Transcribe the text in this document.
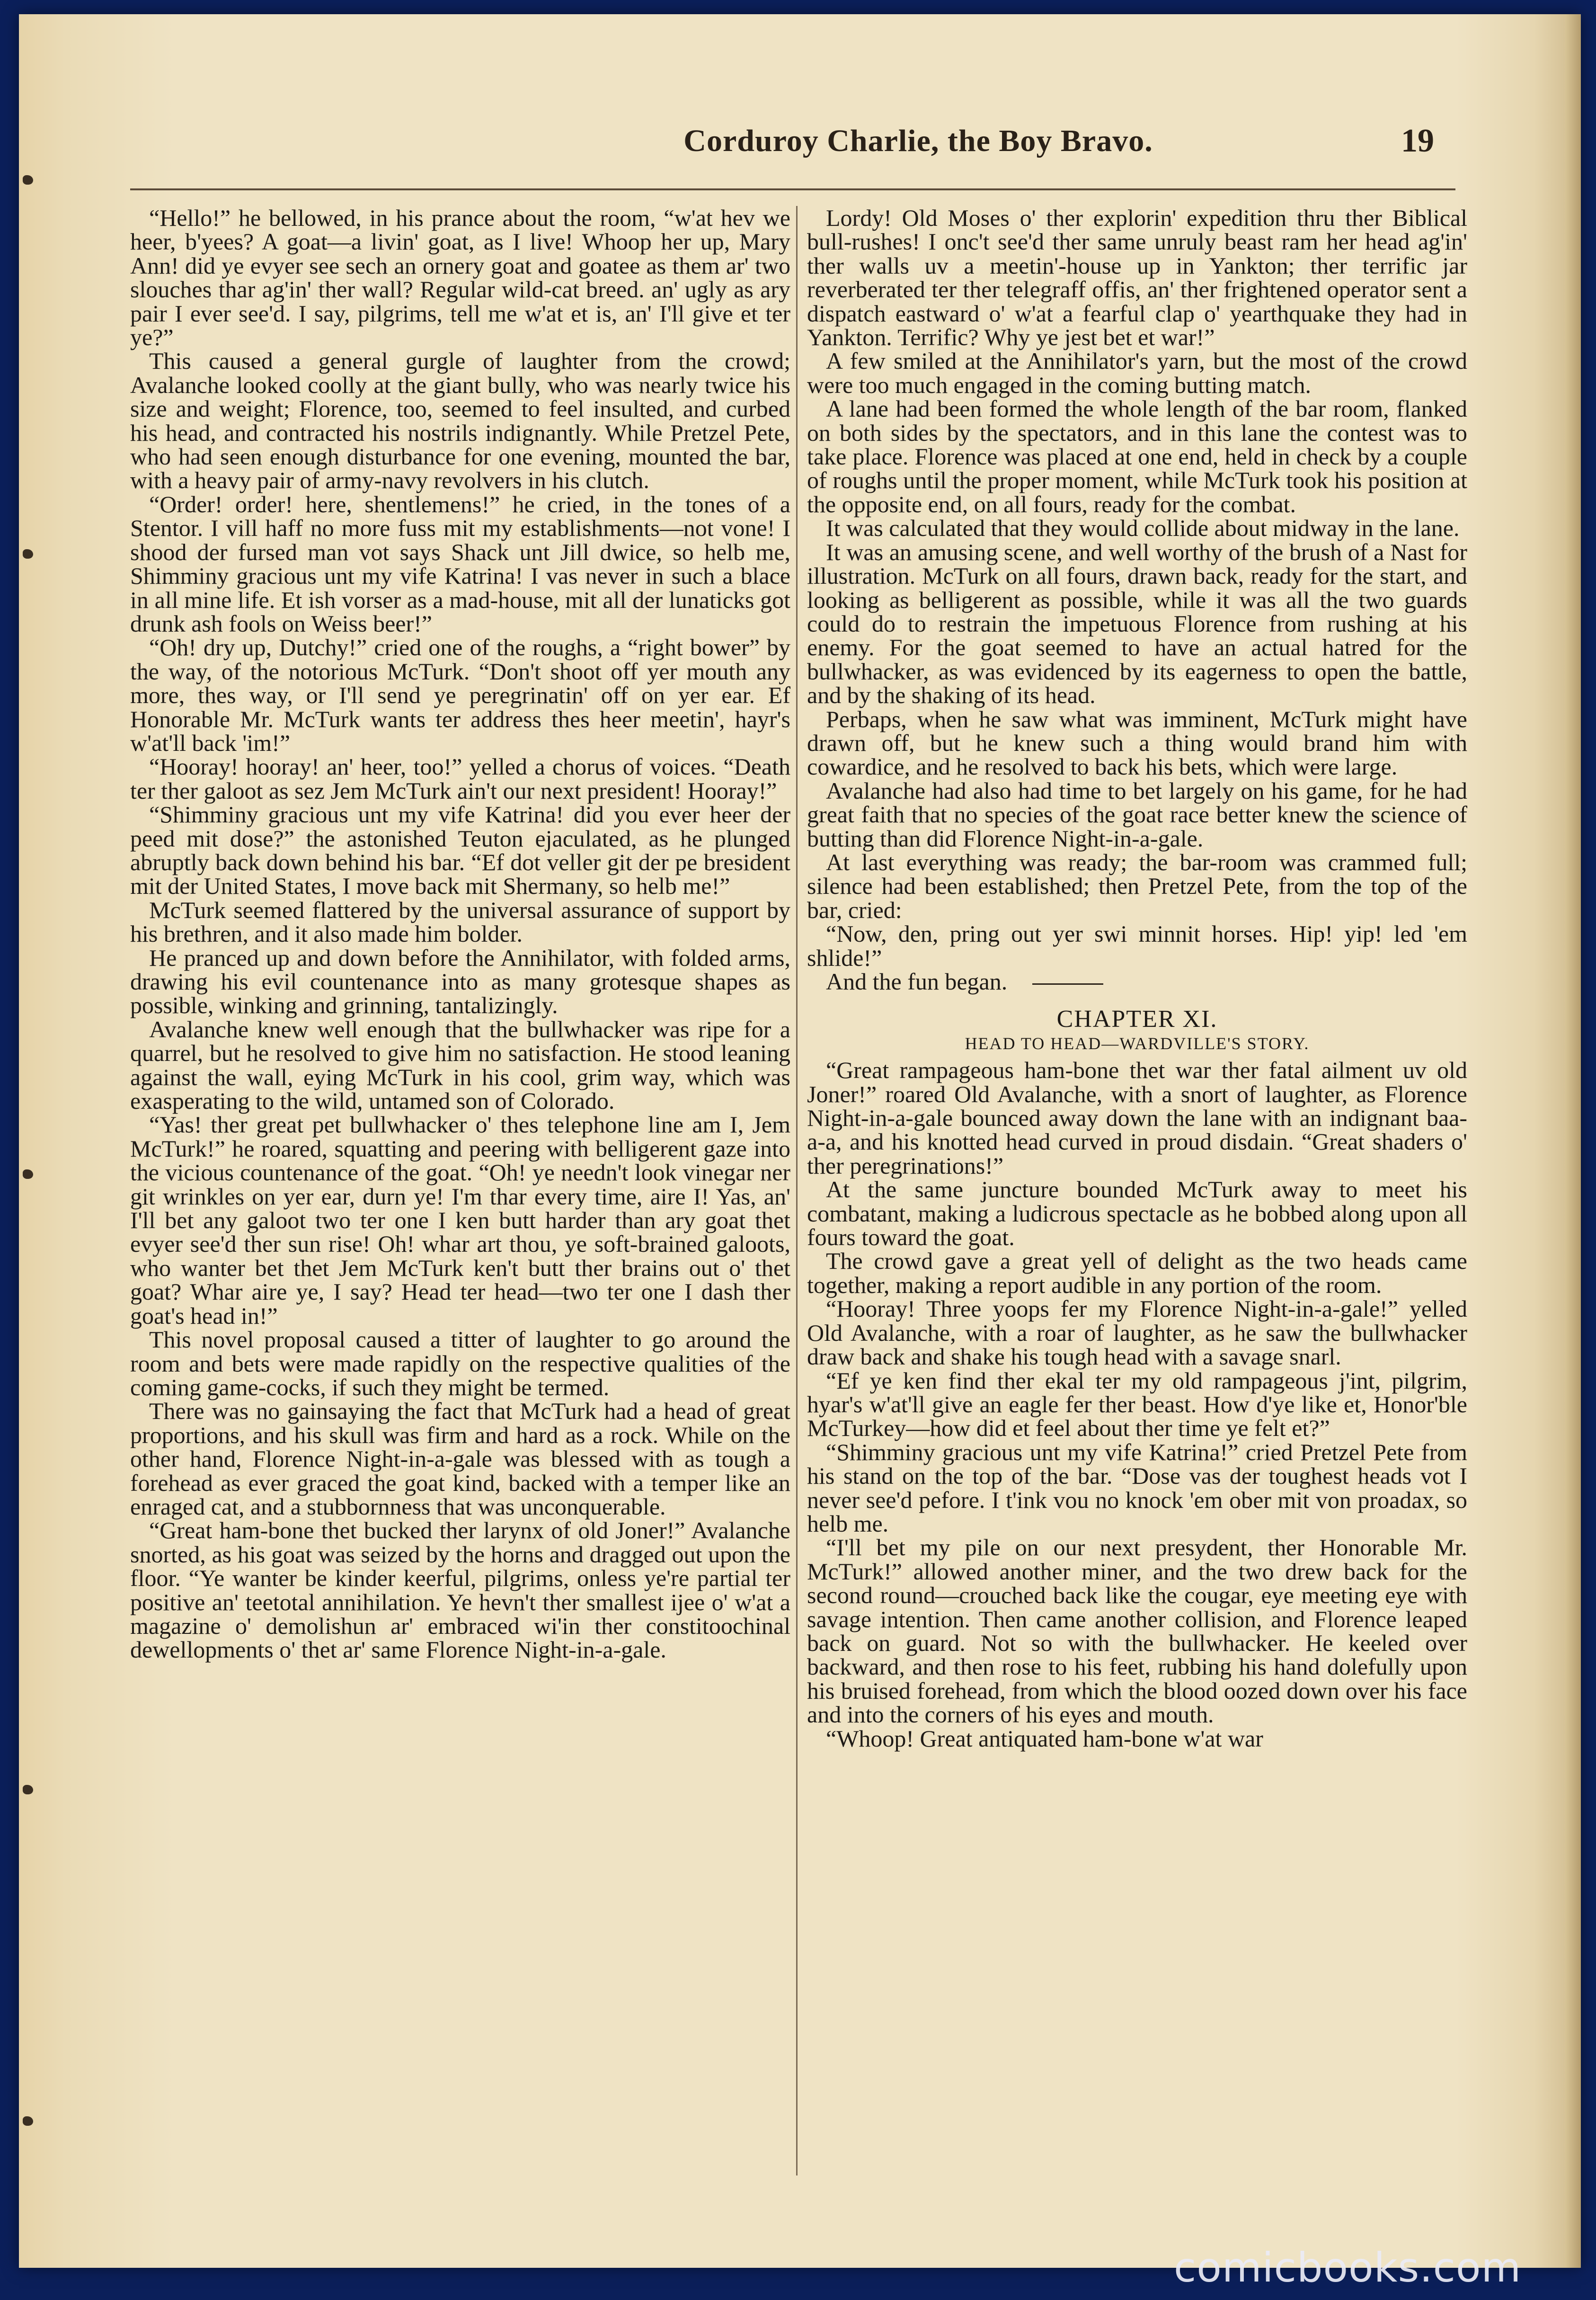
Corduroy Charlie, the Boy Bravo.	19

“Hello!” he bellowed, in his prance about the room, “w'at hev we heer, b'yees? A goat—a livin' goat, as I live! Whoop her up, Mary Ann! did ye evyer see sech an ornery goat and goatee as them ar' two slouches thar ag'in' ther wall? Regular wild-cat breed. an' ugly as ary pair I ever see'd. I say, pilgrims, tell me w'at et is, an' I'll give et ter ye?”

This caused a general gurgle of laughter from the crowd; Avalanche looked coolly at the giant bully, who was nearly twice his size and weight; Florence, too, seemed to feel insulted, and curbed his head, and contracted his nostrils indignantly. While Pretzel Pete, who had seen enough disturbance for one evening, mounted the bar, with a heavy pair of army-navy revolvers in his clutch.

“Order! order! here, shentlemens!” he cried, in the tones of a Stentor. I vill haff no more fuss mit my establishments—not vone! I shood der fursed man vot says Shack unt Jill dwice, so helb me, Shimminy gracious unt my vife Katrina! I vas never in such a blace in all mine life. Et ish vorser as a mad-house, mit all der lunaticks got drunk ash fools on Weiss beer!”

“Oh! dry up, Dutchy!” cried one of the roughs, a “right bower” by the way, of the notorious McTurk. “Don't shoot off yer mouth any more, thes way, or I'll send ye peregrinatin' off on yer ear. Ef Honorable Mr. McTurk wants ter address thes heer meetin', hayr's w'at'll back 'im!”

“Hooray! hooray! an' heer, too!” yelled a chorus of voices. “Death ter ther galoot as sez Jem McTurk ain't our next president! Hooray!”

“Shimminy gracious unt my vife Katrina! did you ever heer der peed mit dose?” the astonished Teuton ejaculated, as he plunged abruptly back down behind his bar. “Ef dot veller git der pe bresident mit der United States, I move back mit Shermany, so helb me!”

McTurk seemed flattered by the universal assurance of support by his brethren, and it also made him bolder.

He pranced up and down before the Annihilator, with folded arms, drawing his evil countenance into as many grotesque shapes as possible, winking and grinning, tantalizingly.

Avalanche knew well enough that the bullwhacker was ripe for a quarrel, but he resolved to give him no satisfaction. He stood leaning against the wall, eying McTurk in his cool, grim way, which was exasperating to the wild, untamed son of Colorado.

“Yas! ther great pet bullwhacker o' thes telephone line am I, Jem McTurk!” he roared, squatting and peering with belligerent gaze into the vicious countenance of the goat. “Oh! ye needn't look vinegar ner git wrinkles on yer ear, durn ye! I'm thar every time, aire I! Yas, an' I'll bet any galoot two ter one I ken butt harder than ary goat thet evyer see'd ther sun rise! Oh! whar art thou, ye soft-brained galoots, who wanter bet thet Jem McTurk ken't butt ther brains out o' thet goat? Whar aire ye, I say? Head ter head—two ter one I dash ther goat's head in!”

This novel proposal caused a titter of laughter to go around the room and bets were made rapidly on the respective qualities of the coming game-cocks, if such they might be termed.

There was no gainsaying the fact that McTurk had a head of great proportions, and his skull was firm and hard as a rock. While on the other hand, Florence Night-in-a-gale was blessed with as tough a forehead as ever graced the goat kind, backed with a temper like an enraged cat, and a stubbornness that was unconquerable.

“Great ham-bone thet bucked ther larynx of old Joner!” Avalanche snorted, as his goat was seized by the horns and dragged out upon the floor. “Ye wanter be kinder keerful, pilgrims, onless ye're partial ter positive an' teetotal annihilation. Ye hevn't ther smallest ijee o' w'at a magazine o' demolishun ar' embraced wi'in ther constitoochinal dewellopments o' thet ar' same Florence Night-in-a-gale.

Lordy! Old Moses o' ther explorin' expedition thru ther Biblical bull-rushes! I onc't see'd ther same unruly beast ram her head ag'in' ther walls uv a meetin'-house up in Yankton; ther terrific jar reverberated ter ther telegraff offis, an' ther frightened operator sent a dispatch eastward o' w'at a fearful clap o' yearthquake they had in Yankton. Terrific? Why ye jest bet et war!”

A few smiled at the Annihilator's yarn, but the most of the crowd were too much engaged in the coming butting match.

A lane had been formed the whole length of the bar room, flanked on both sides by the spectators, and in this lane the contest was to take place. Florence was placed at one end, held in check by a couple of roughs until the proper moment, while McTurk took his position at the opposite end, on all fours, ready for the combat.

It was calculated that they would collide about midway in the lane.

It was an amusing scene, and well worthy of the brush of a Nast for illustration. McTurk on all fours, drawn back, ready for the start, and looking as belligerent as possible, while it was all the two guards could do to restrain the impetuous Florence from rushing at his enemy. For the goat seemed to have an actual hatred for the bullwhacker, as was evidenced by its eagerness to open the battle, and by the shaking of its head.

Perbaps, when he saw what was imminent, McTurk might have drawn off, but he knew such a thing would brand him with cowardice, and he resolved to back his bets, which were large.

Avalanche had also had time to bet largely on his game, for he had great faith that no species of the goat race better knew the science of butting than did Florence Night-in-a-gale.

At last everything was ready; the bar-room was crammed full; silence had been established; then Pretzel Pete, from the top of the bar, cried:

“Now, den, pring out yer swi minnit horses. Hip! yip! led 'em shlide!”

And the fun began.
CHAPTER XI.
HEAD TO HEAD—WARDVILLE'S STORY.

“Great rampageous ham-bone thet war ther fatal ailment uv old Joner!” roared Old Avalanche, with a snort of laughter, as Florence Night-in-a-gale bounced away down the lane with an indignant baa-a-a, and his knotted head curved in proud disdain. “Great shaders o' ther peregrinations!”

At the same juncture bounded McTurk away to meet his combatant, making a ludicrous spectacle as he bobbed along upon all fours toward the goat.

The crowd gave a great yell of delight as the two heads came together, making a report audible in any portion of the room.

“Hooray! Three yoops fer my Florence Night-in-a-gale!” yelled Old Avalanche, with a roar of laughter, as he saw the bullwhacker draw back and shake his tough head with a savage snarl.

“Ef ye ken find ther ekal ter my old rampageous j'int, pilgrim, hyar's w'at'll give an eagle fer ther beast. How d'ye like et, Honor'ble McTurkey—how did et feel about ther time ye felt et?”

“Shimminy gracious unt my vife Katrina!” cried Pretzel Pete from his stand on the top of the bar. “Dose vas der toughest heads vot I never see'd pefore. I t'ink vou no knock 'em ober mit von proadax, so helb me.

“I'll bet my pile on our next presydent, ther Honorable Mr. McTurk!” allowed another miner, and the two drew back for the second round—crouched back like the cougar, eye meeting eye with savage intention. Then came another collision, and Florence leaped back on guard. Not so with the bullwhacker. He keeled over backward, and then rose to his feet, rubbing his hand dolefully upon his bruised forehead, from which the blood oozed down over his face and into the corners of his eyes and mouth.

“Whoop! Great antiquated ham-bone w'at war

comicbooks.com
